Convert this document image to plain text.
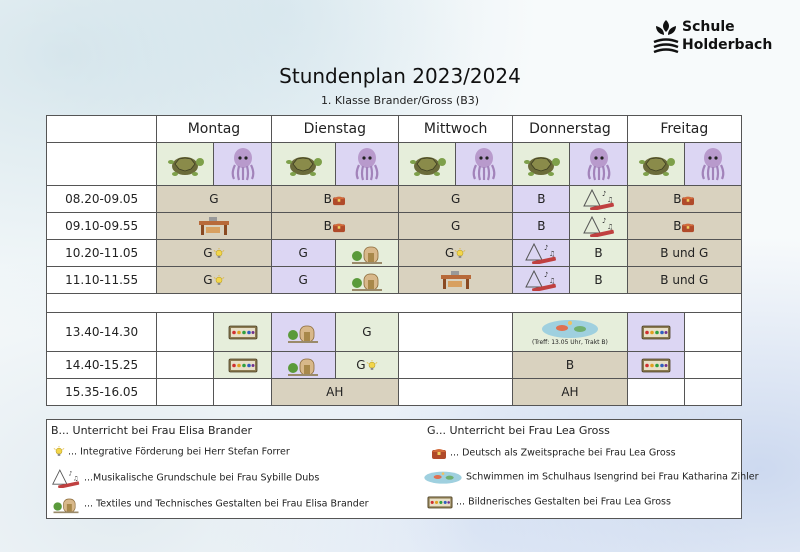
Schule
Holderbach
Stundenplan 2023/2024
1. Klasse Brander/Gross (B3)
	Montag		Dienstag		Mittwoch		Donnerstag		Freitag	

08.20-09.05	G		B		G		B		B	
09.10-09.55			B		G		B		B	
10.20-11.05	G		G		G			B	B und G	
11.10-11.55	G		G					B	B und G	

13.40-14.30				G			(Treff: 13.05 Uhr, Trakt B)

14.40-15.25				G			B		
15.35-16.05			AH				AH			
B... Unterricht bei Frau Elisa Brander	G... Unterricht bei Frau Lea Gross
... Integrative Förderung bei Herr Stefan Forrer	... Deutsch als Zweitsprache bei Frau Lea Gross
...Musikalische Grundschule bei Frau Sybille Dubs	Schwimmen im Schulhaus Isengrind bei Frau Katharina Zihler
... Textiles und Technisches Gestalten bei Frau Elisa Brander	... Bildnerisches Gestalten bei Frau Lea Gross
